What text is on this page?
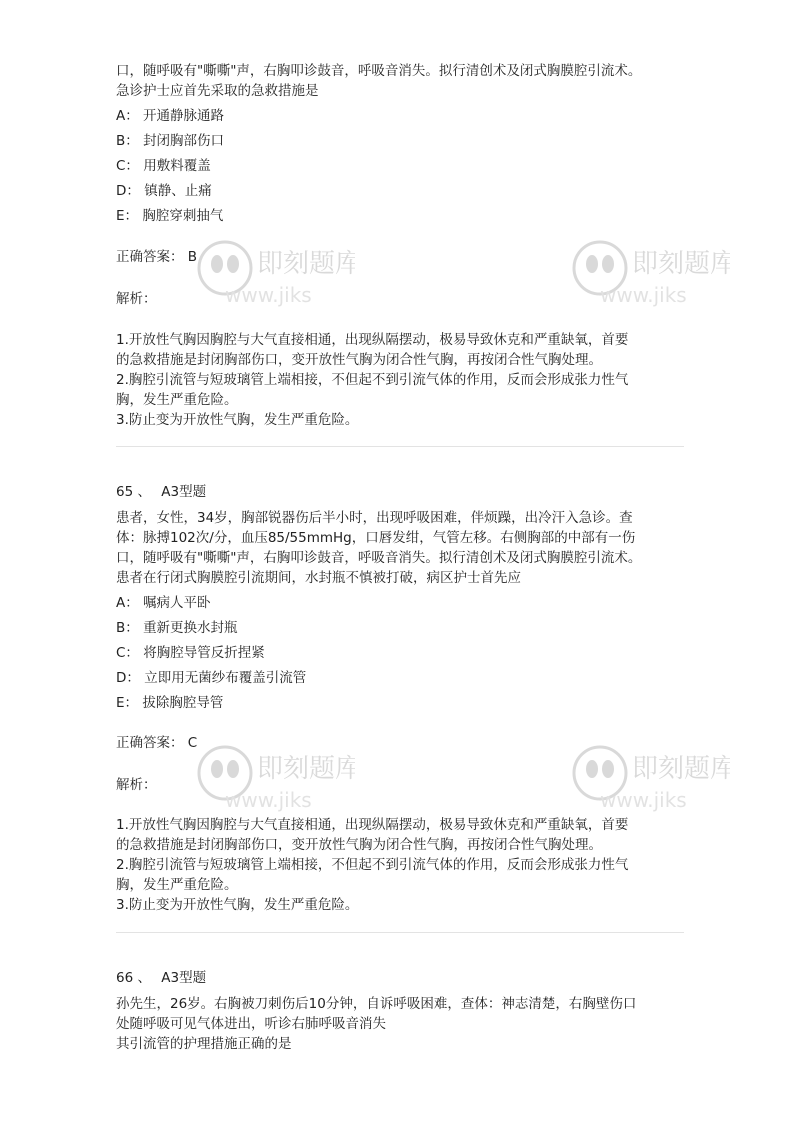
即刻题库
www.jiks
即刻题库
www.jiks
即刻题库
www.jiks
即刻题库
www.jiks
口，随呼吸有"嘶嘶"声，右胸叩诊鼓音，呼吸音消失。拟行清创术及闭式胸膜腔引流术。
急诊护士应首先采取的急救措施是
A： 开通静脉通路
B： 封闭胸部伤口
C： 用敷料覆盖
D： 镇静、止痛
E： 胸腔穿刺抽气
正确答案： B
解析：
1.开放性气胸因胸腔与大气直接相通，出现纵隔摆动，极易导致休克和严重缺氧，首要
的急救措施是封闭胸部伤口，变开放性气胸为闭合性气胸，再按闭合性气胸处理。
2.胸腔引流管与短玻璃管上端相接，不但起不到引流气体的作用，反而会形成张力性气
胸，发生严重危险。
3.防止变为开放性气胸，发生严重危险。
65 、 A3型题
患者，女性，34岁，胸部锐器伤后半小时，出现呼吸困难，伴烦躁，出冷汗入急诊。查
体：脉搏102次/分，血压85/55mmHg，口唇发绀，气管左移。右侧胸部的中部有一伤
口，随呼吸有"嘶嘶"声，右胸叩诊鼓音，呼吸音消失。拟行清创术及闭式胸膜腔引流术。
患者在行闭式胸膜腔引流期间，水封瓶不慎被打破，病区护士首先应
A： 嘱病人平卧
B： 重新更换水封瓶
C： 将胸腔导管反折捏紧
D： 立即用无菌纱布覆盖引流管
E： 拔除胸腔导管
正确答案： C
解析：
1.开放性气胸因胸腔与大气直接相通，出现纵隔摆动，极易导致休克和严重缺氧，首要
的急救措施是封闭胸部伤口，变开放性气胸为闭合性气胸，再按闭合性气胸处理。
2.胸腔引流管与短玻璃管上端相接，不但起不到引流气体的作用，反而会形成张力性气
胸，发生严重危险。
3.防止变为开放性气胸，发生严重危险。
66 、 A3型题
孙先生，26岁。右胸被刀刺伤后10分钟，自诉呼吸困难，查体：神志清楚，右胸壁伤口
处随呼吸可见气体进出，听诊右肺呼吸音消失
其引流管的护理措施正确的是
